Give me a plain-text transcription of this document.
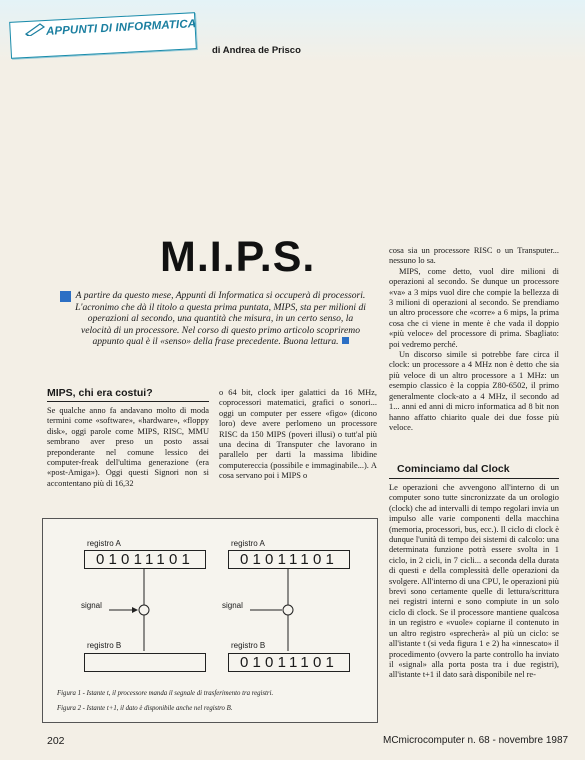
APPUNTI DI INFORMATICA
di Andrea de Prisco
M.I.P.S.
A partire da questo mese, Appunti di Informatica si occuperà di processori. L'acronimo che dà il titolo a questa prima puntata, MIPS, sta per milioni di operazioni al secondo, una quantità che misura, in un certo senso, la velocità di un processore. Nel corso di questo primo articolo scopriremo appunto qual è il «senso» della frase precedente. Buona lettura.
MIPS, chi era costui?

Se qualche anno fa andavano molto di moda termini come «software», «hardware», «floppy disk», oggi parole come MIPS, RISC, MMU sembrano aver preso un posto assai preponderante nel comune lessico dei computer-freak dell'ultima generazione (era «post-Amiga»). Oggi questi Signori non si accontentano più di 16,32

o 64 bit, clock iper galattici da 16 MHz, coprocessori matematici, grafici o sonori... oggi un computer per essere «figo» (dicono loro) deve avere perlomeno un processore RISC da 150 MIPS (poveri illusi) o tutt'al più una decina di Transputer che lavorano in parallelo per darti la massima libidine computereccia (possibile e immaginabile...). A cosa servano poi i MIPS o

cosa sia un processore RISC o un Transputer... nessuno lo sa.

MIPS, come detto, vuol dire milioni di operazioni al secondo. Se dunque un processore «va» a 3 mips vuol dire che compie la bellezza di 3 milioni di operazioni al secondo. Se prendiamo un altro processore che «corre» a 6 mips, la prima cosa che ci viene in mente è che vada il doppio «più veloce» del processore di prima. Sbagliato: poi vedremo perché.

Un discorso simile si potrebbe fare circa il clock: un processore a 4 MHz non è detto che sia più veloce di un altro processore a 1 MHz: un esempio classico è la coppia Z80-6502, il primo generalmente clock-ato a 4 MHz, il secondo ad 1... anni ed anni di micro informatica ad 8 bit non hanno affatto chiarito quale dei due fosse più veloce.

Cominciamo dal Clock

Le operazioni che avvengono all'interno di un computer sono tutte sincronizzate da un orologio (clock) che ad intervalli di tempo regolari invia un impulso alle varie componenti della macchina (memoria, processori, bus, ecc.). Il ciclo di clock è dunque l'unità di tempo dei sistemi di calcolo: una determinata funzione potrà essere svolta in 1 ciclo, in 2 cicli, in 7 cicli... a seconda della durata di questi e della complessità delle operazioni da svolgere. All'interno di una CPU, le operazioni più brevi sono certamente quelle di lettura/scrittura nei registri interni e sono compiute in un solo ciclo di clock. Se il processore mantiene qualcosa in un registro e «vuole» copiarne il contenuto in un altro registro «sprecherà» al più un ciclo: se all'istante t (si veda figura 1 e 2) ha «innescato» il procedimento (ovvero la parte controllo ha inviato il «signal» alla porta posta tra i due registri), all'istante t+1 il dato sarà disponibile nel re-

registro A
01011101
signal
registro B
registro A
01011101
signal
registro B
01011101
Figura 1 - Istante t, il processore manda il segnale di trasferimento tra registri.
Figura 2 - Istante t+1, il dato è disponibile anche nel registro B.
202	MCmicrocomputer n. 68 - novembre 1987
